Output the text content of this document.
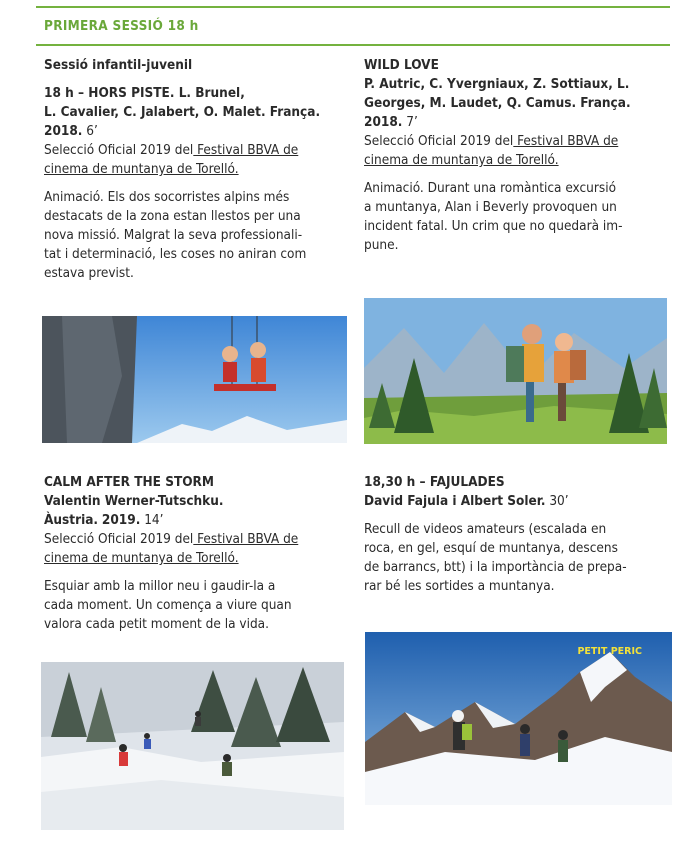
PRIMERA SESSIÓ 18 h

Sessió infantil-juvenil

18 h – HORS PISTE. L. Brunel,

L. Cavalier, C. Jalabert, O. Malet. França.

2018. 6’

Selecció Oficial 2019 del Festival BBVA de

cinema de muntanya de Torelló.

Animació. Els dos socorristes alpins més

destacats de la zona estan llestos per una

nova missió. Malgrat la seva professionali-

tat i determinació, les coses no aniran com

estava previst.

WILD LOVE

P. Autric, C. Yvergniaux, Z. Sottiaux, L.

Georges, M. Laudet, Q. Camus. França.

2018. 7’

Selecció Oficial 2019 del Festival BBVA de

cinema de muntanya de Torelló.

Animació. Durant una romàntica excursió

a muntanya, Alan i Beverly provoquen un

incident fatal. Un crim que no quedarà im-

pune.

CALM AFTER THE STORM

Valentin Werner-Tutschku.

Àustria. 2019. 14’

Selecció Oficial 2019 del Festival BBVA de

cinema de muntanya de Torelló.

Esquiar amb la millor neu i gaudir-la a

cada moment. Un comença a viure quan

valora cada petit moment de la vida.

18,30 h – FAJULADES

David Fajula i Albert Soler. 30’

Recull de videos amateurs (escalada en

roca, en gel, esquí de muntanya, descens

de barrancs, btt) i la importància de prepa-

rar bé les sortides a muntanya.

PETIT PERIC
